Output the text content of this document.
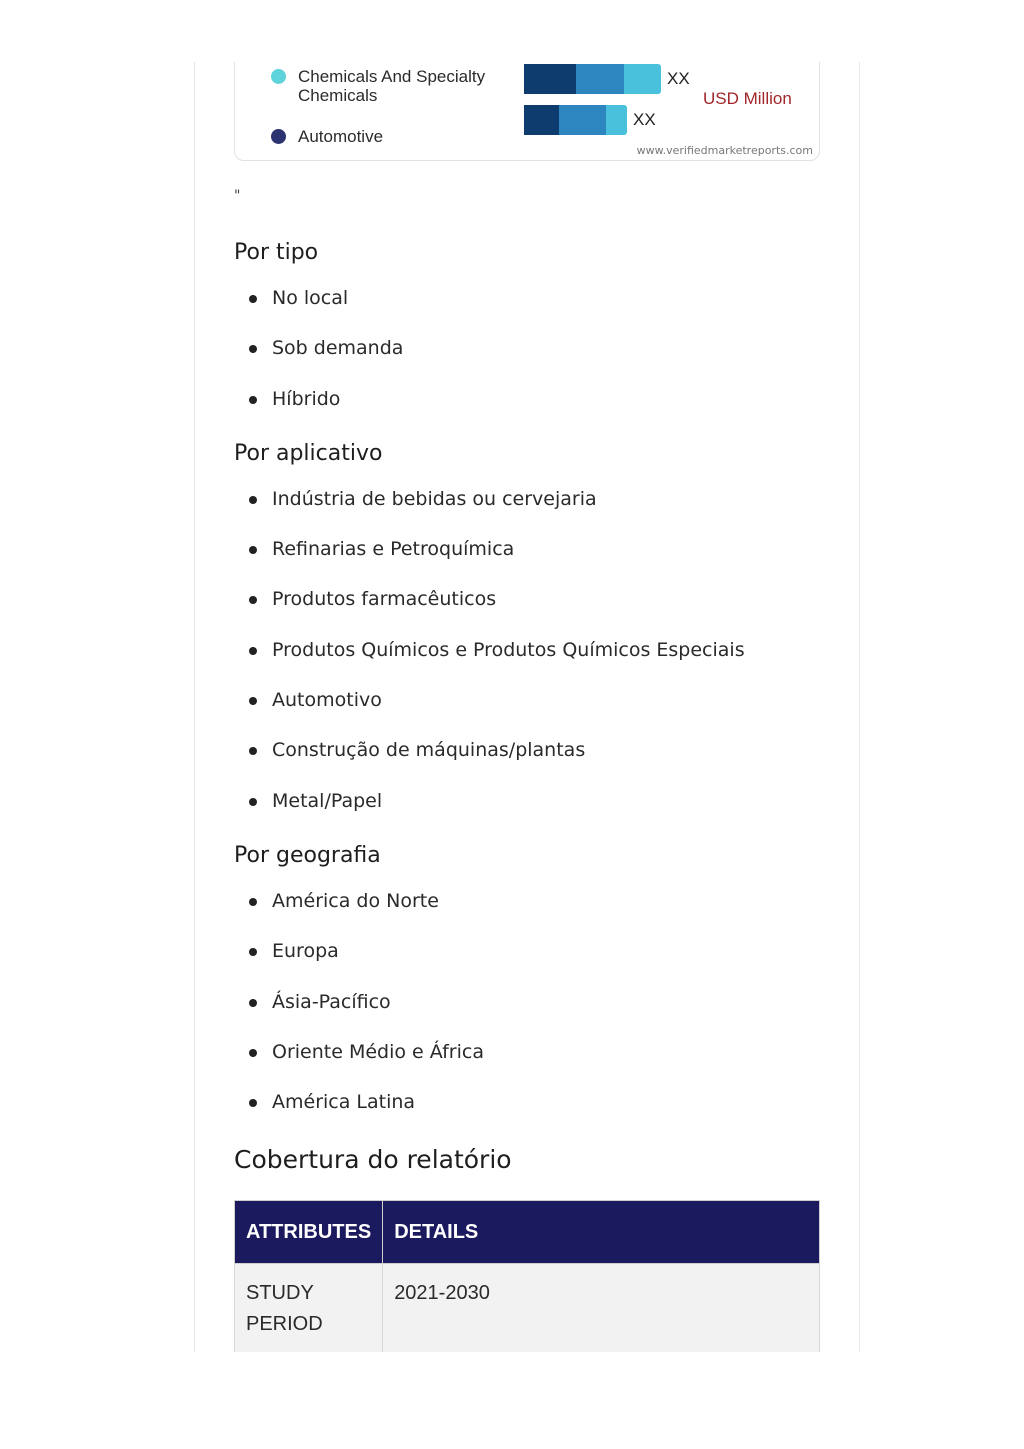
Chemicals And Specialty Chemicals
Automotive
XX
XX
USD Million
www.verifiedmarketreports.com
"
Por tipo
No local
Sob demanda
Híbrido
Por aplicativo
Indústria de bebidas ou cervejaria
Refinarias e Petroquímica
Produtos farmacêuticos
Produtos Químicos e Produtos Químicos Especiais
Automotivo
Construção de máquinas/plantas
Metal/Papel
Por geografia
América do Norte
Europa
Ásia-Pacífico
Oriente Médio e África
América Latina
Cobertura do relatório
ATTRIBUTES	DETAILS
STUDY PERIOD	2021-2030
